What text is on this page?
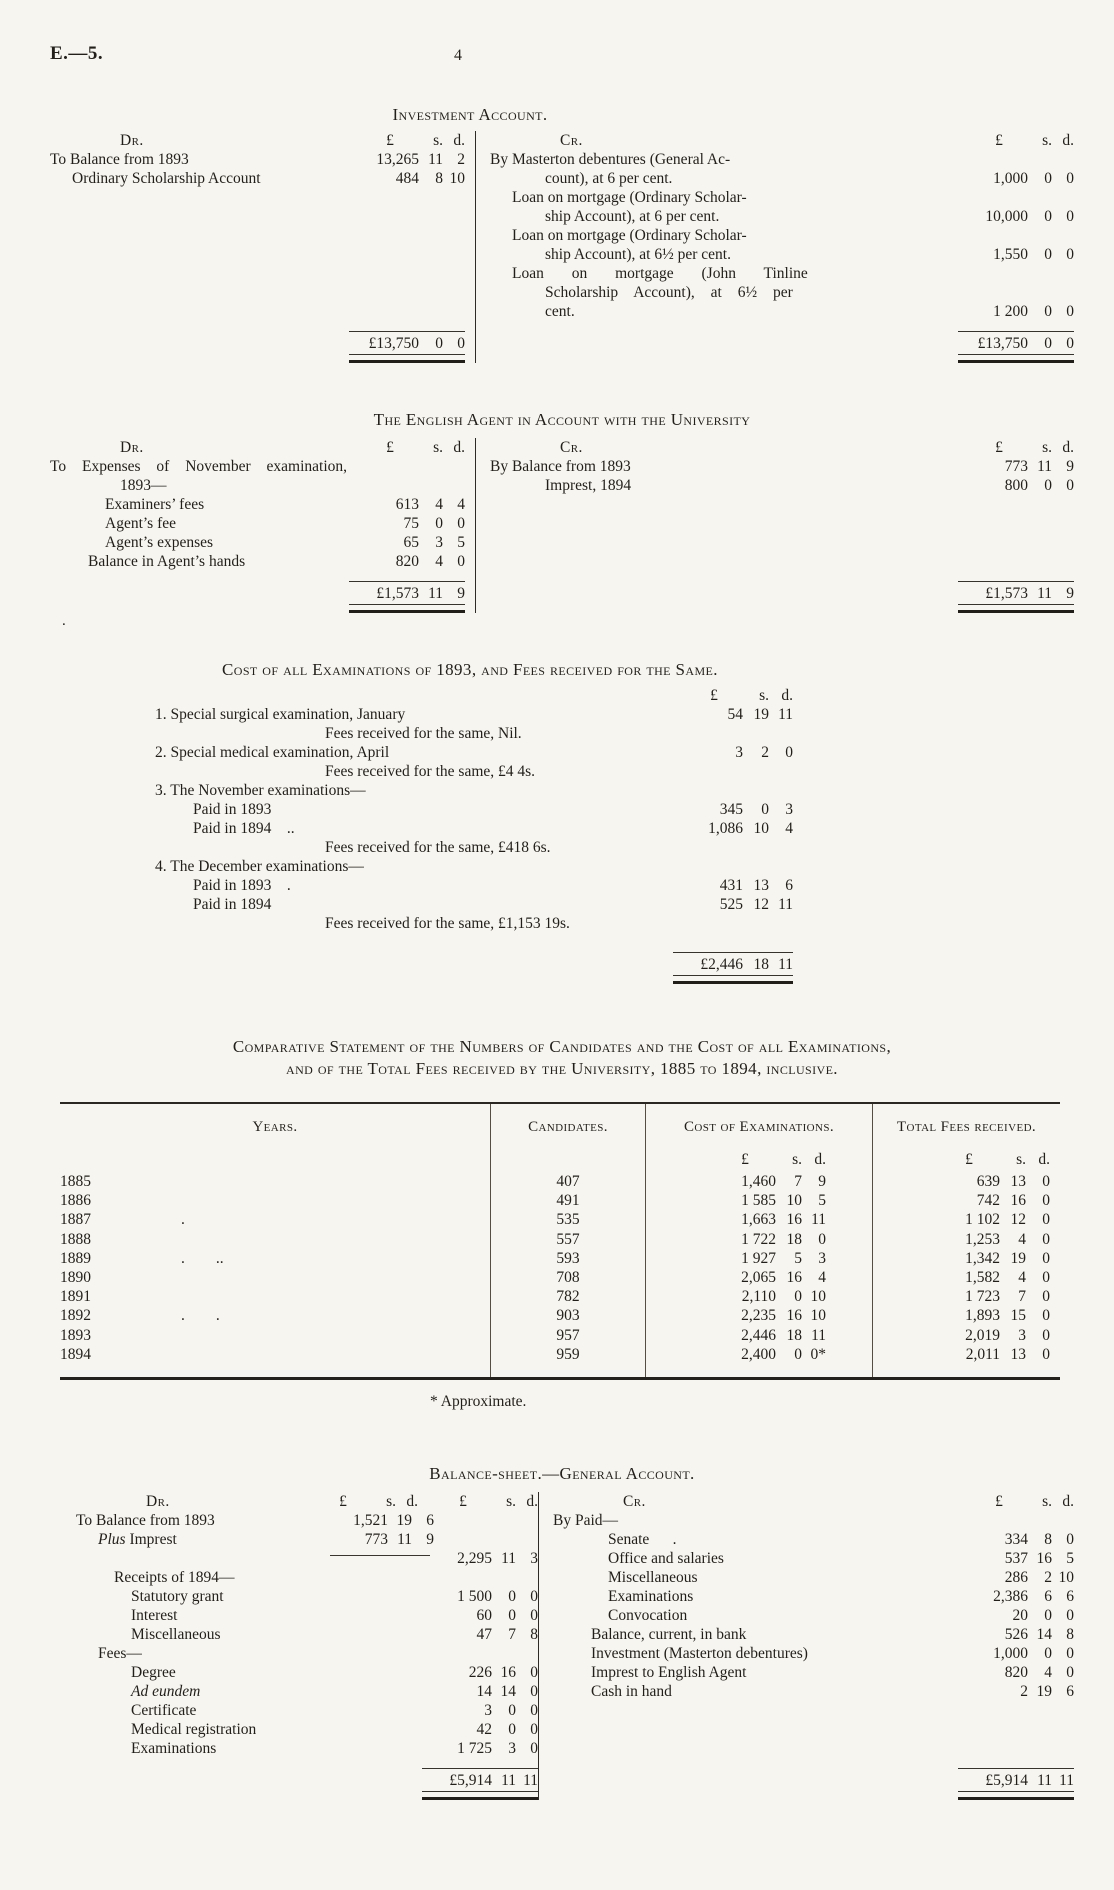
E.—5.	4
Investment Account.
Dr.	£	s. d.
To Balance from 1893	13,265 11 2
Ordinary Scholarship Account	484	8 10
£13,750	0 0
Cr.	£	s. d.
By Masterton debentures (General Ac-
count), at 6 per cent.	1,000	0 0
Loan on mortgage (Ordinary Scholar-
ship Account), at 6 per cent.	10,000	0 0
Loan on mortgage (Ordinary Scholar-
ship Account), at 6½ per cent.	1,550	0 0
Loan on mortgage (John Tinline
Scholarship Account), at 6½ per
cent.	1 200	0 0
£13,750	0 0
The English Agent in Account with the University
Dr.	£	s. d.
To Expenses of November examination,
1893—
Examiners’ fees	613	4 4
Agent’s fee	75	0 0
Agent’s expenses	65	3 5
Balance in Agent’s hands	820	4 0
£1,573 11 9
Cr.	£	s. d.
By Balance from 1893	773 11 9
Imprest, 1894	800	0 0
£1,573 11 9
Cost of all Examinations of 1893, and Fees received for the Same.
£	s. d.
1. Special surgical examination, January	54 19 11
Fees received for the same, Nil.
2. Special medical examination, April	3	2	0
Fees received for the same, £4 4s.
3. The November examinations—
Paid in 1893	345	0	3
Paid in 1894  ..	1,086 10	4
Fees received for the same, £418 6s.
4. The December examinations—
Paid in 1893  .	431 13	6
Paid in 1894	525 12 11
Fees received for the same, £1,153 19s.
£2,446 18 11
Comparative Statement of the Numbers of Candidates and the Cost of all Examinations,
and of the Total Fees received by the University, 1885 to 1894, inclusive.
Years.	Candidates.	Cost of Examinations.	Total Fees received.
£	s. d.	£	s. d.
1885	407	1,460	7	9	639 13	0
1886	491	1 585 10	5	742 16	0
1887	.	535	1,663 16 11	1 102 12	0
1888	557	1 722 18	0	1,253	4	0
1889	.  ..	593	1 927	5	3	1,342 19	0
1890	708	2,065 16	4	1,582	4	0
1891	782	2,110	0 10	1 723	7	0
1892	.  .	903	2,235 16 10	1,893 15	0
1893	957	2,446 18 11	2,019	3	0
1894	959	2,400	0 0*	2,011 13	0
* Approximate.
Balance-sheet.—General Account.
Dr.	£	s. d.	£	s. d.
To Balance from 1893	1,521 19 6
Plus Imprest	773 11 9
2,295 11 3
Receipts of 1894—
Statutory grant	1 500	0 0
Interest	60	0 0
Miscellaneous	47	7 8
Fees—
Degree	226 16 0
Ad eundem	14 14 0
Certificate	3	0 0
Medical registration	42	0 0
Examinations	1 725	3 0
£5,914 11 11
Cr.	£	s. d.
By Paid—
Senate  .	334	8 0
Office and salaries	537 16 5
Miscellaneous	286	2 10
Examinations	2,386	6 6
Convocation	20	0 0
Balance, current, in bank	526 14 8
Investment (Masterton debentures)	1,000	0 0
Imprest to English Agent	820	4 0
Cash in hand	2 19 6
£5,914 11 11
.
